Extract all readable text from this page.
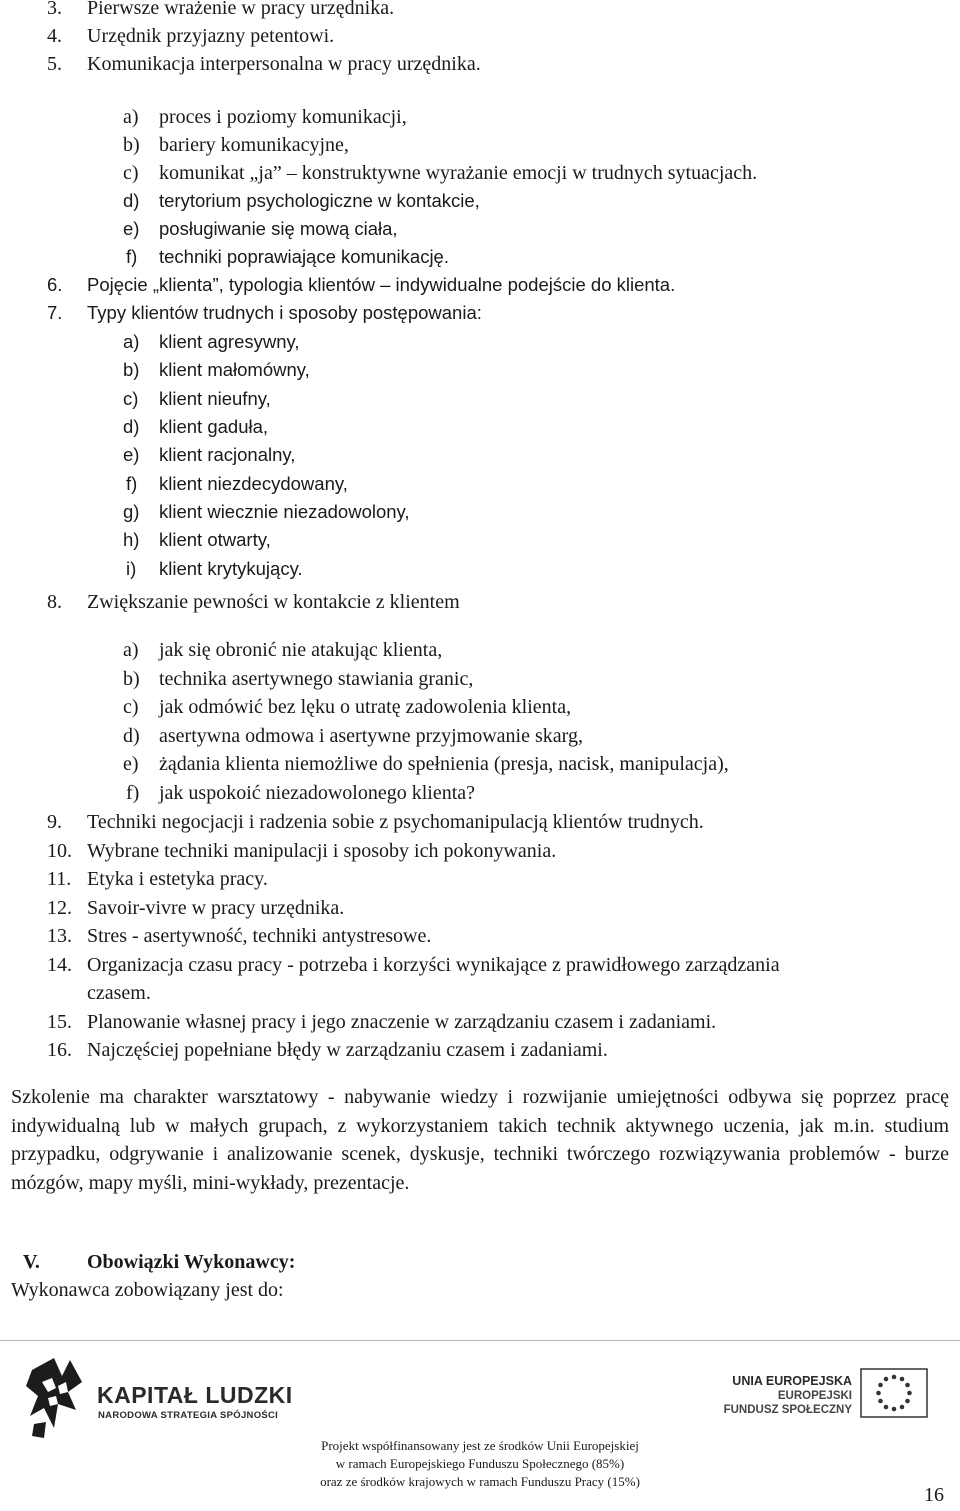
3. Pierwsze wrażenie w pracy urzędnika.
4. Urzędnik przyjazny petentowi.
5. Komunikacja interpersonalna w pracy urzędnika.
a) proces i poziomy komunikacji,
b) bariery komunikacyjne,
c) komunikat „ja” – konstruktywne wyrażanie emocji w trudnych sytuacjach.
d) terytorium psychologiczne w kontakcie,
e) posługiwanie się mową ciała,
f) techniki poprawiające komunikację.
6. Pojęcie „klienta”, typologia klientów – indywidualne podejście do klienta.
7. Typy klientów trudnych i sposoby postępowania:
a) klient agresywny,
b) klient małomówny,
c) klient nieufny,
d) klient gaduła,
e) klient racjonalny,
f) klient niezdecydowany,
g) klient wiecznie niezadowolony,
h) klient otwarty,
i) klient krytykujący.
8. Zwiększanie pewności w kontakcie z klientem
a) jak się obronić nie atakując klienta,
b) technika asertywnego stawiania granic,
c) jak odmówić bez lęku o utratę zadowolenia klienta,
d) asertywna odmowa i asertywne przyjmowanie skarg,
e) żądania klienta niemożliwe do spełnienia (presja, nacisk, manipulacja),
f) jak uspokoić niezadowolonego klienta?
9. Techniki negocjacji i radzenia sobie z psychomanipulacją klientów trudnych.
10. Wybrane techniki manipulacji i sposoby ich pokonywania.
11. Etyka i estetyka pracy.
12. Savoir-vivre w pracy urzędnika.
13. Stres - asertywność, techniki antystresowe.
14. Organizacja czasu pracy - potrzeba i korzyści wynikające z prawidłowego zarządzania
czasem.
15. Planowanie własnej pracy i jego znaczenie w zarządzaniu czasem i zadaniami.
16. Najczęściej popełniane błędy w zarządzaniu czasem i zadaniami.
Szkolenie ma charakter warsztatowy - nabywanie wiedzy i rozwijanie umiejętności odbywa się poprzez pracę indywidualną lub w małych grupach, z wykorzystaniem takich technik aktywnego uczenia, jak m.in. studium przypadku, odgrywanie i analizowanie scenek, dyskusje, techniki twórczego rozwiązywania problemów - burze mózgów, mapy myśli, mini-wykłady, prezentacje.
V. Obowiązki Wykonawcy:
Wykonawca zobowiązany jest do:
KAPITAŁ LUDZKI
NARODOWA STRATEGIA SPÓJNOŚCI
UNIA EUROPEJSKA
EUROPEJSKI
FUNDUSZ SPOŁECZNY
Projekt współfinansowany jest ze środków Unii Europejskiej
w ramach Europejskiego Funduszu Społecznego (85%)
oraz ze środków krajowych w ramach Funduszu Pracy (15%)
16
